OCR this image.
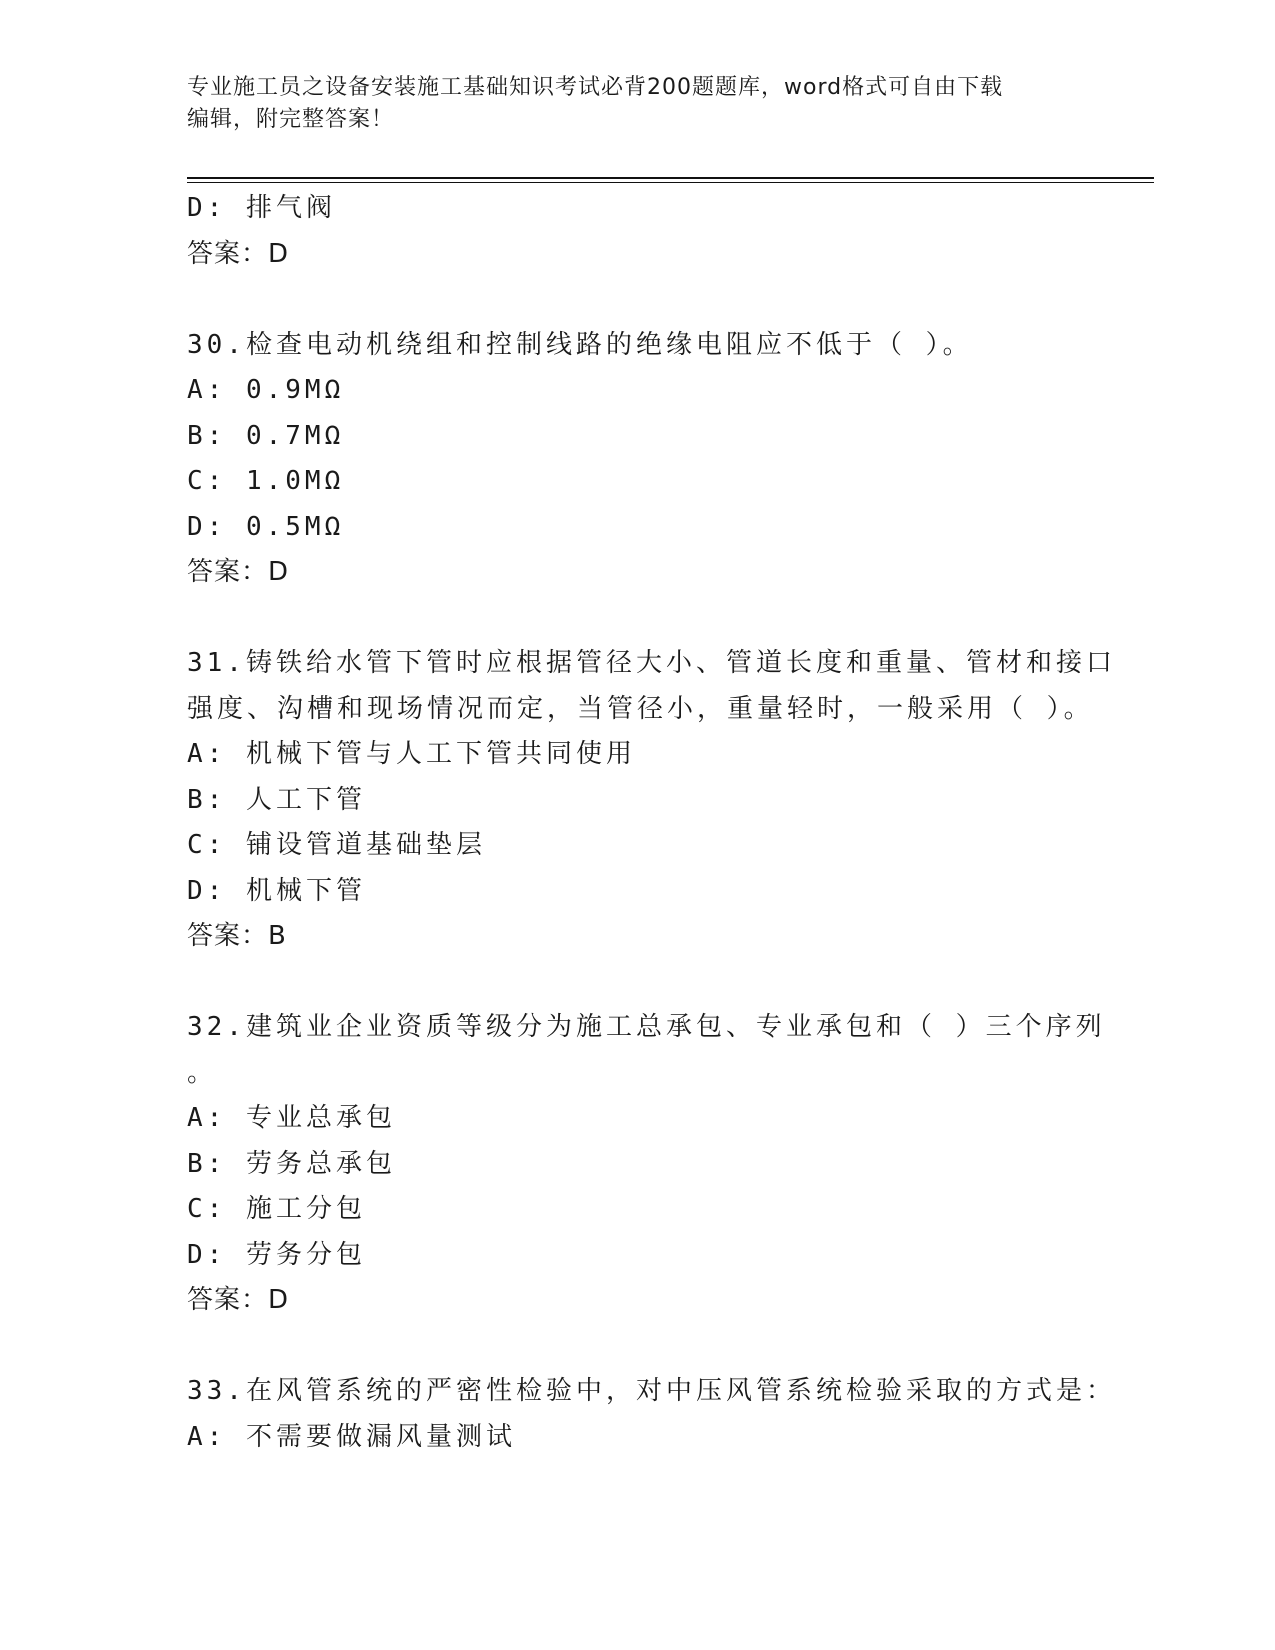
专业施工员之设备安装施工基础知识考试必背200题题库，word格式可自由下载
编辑，附完整答案！
D: 排气阀
答案：D
30.检查电动机绕组和控制线路的绝缘电阻应不低于（ ）。
A: 0.9MΩ
B: 0.7MΩ
C: 1.0MΩ
D: 0.5MΩ
答案：D
31.铸铁给水管下管时应根据管径大小、管道长度和重量、管材和接口
强度、沟槽和现场情况而定，当管径小，重量轻时，一般采用（ ）。
A: 机械下管与人工下管共同使用
B: 人工下管
C: 铺设管道基础垫层
D: 机械下管
答案：B
32.建筑业企业资质等级分为施工总承包、专业承包和（ ）三个序列
。
A: 专业总承包
B: 劳务总承包
C: 施工分包
D: 劳务分包
答案：D
33.在风管系统的严密性检验中，对中压风管系统检验采取的方式是：
A: 不需要做漏风量测试
